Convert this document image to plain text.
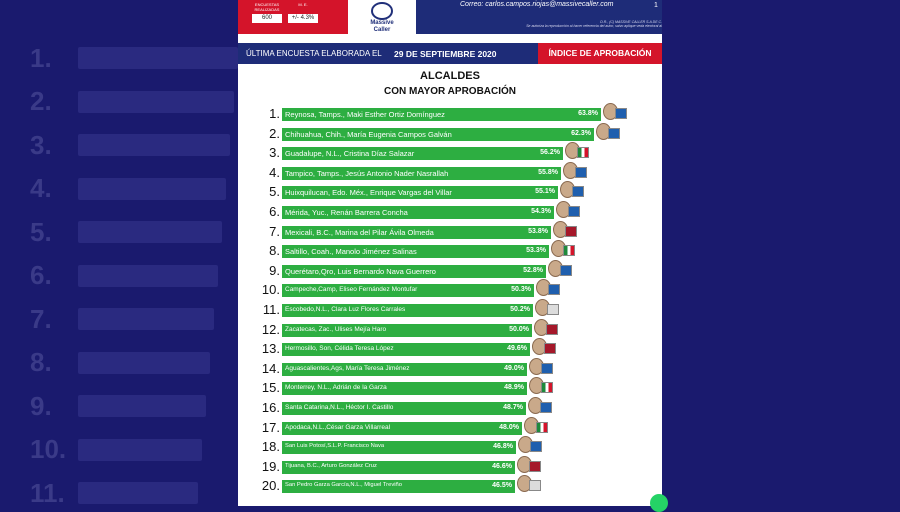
1.
2.
3.
4.
5.
6.
7.
8.
9.
10.
11.
ENCUESTAS REALIZADAS
M. E.
600	+/- 4.3%
Massive Caller
Correo: carlos.campos.riojas@massivecaller.com
D.R., (C) MASSIVE CALLER S.A DE C.
Se autoriza la reproducción al hacer referencia del autor, salvo aplique veda electoral al
1
ÚLTIMA ENCUESTA ELABORADA EL 29 DE SEPTIEMBRE 2020	ÍNDICE DE APROBACIÓN
ALCALDES
CON MAYOR APROBACIÓN
1. Reynosa, Tamps., Maki Esther Ortiz Domínguez	63.8%
2. Chihuahua, Chih., María Eugenia Campos Galván	62.3%
3. Guadalupe, N.L., Cristina Díaz Salazar	56.2%
4. Tampico, Tamps., Jesús Antonio Nader Nasrallah	55.8%
5. Huixquilucan, Edo. Méx., Enrique Vargas del Villar	55.1%
6. Mérida, Yuc., Renán Barrera Concha	54.3%
7. Mexicali, B.C., Marina del Pilar Ávila Olmeda	53.8%
8. Saltillo, Coah., Manolo Jiménez Salinas	53.3%
9. Querétaro,Qro, Luis Bernardo Nava Guerrero	52.8%
10. Campeche,Camp, Eliseo Fernández Montufar	50.3%
11. Escobedo,N.L., Clara Luz Flores Carrales	50.2%
12. Zacatecas, Zac., Ulises Mejía Haro	50.0%
13. Hermosillo, Son, Célida Teresa López	49.6%
14. Aguascalientes,Ags, María Teresa Jiménez	49.0%
15. Monterrey, N.L., Adrián de la Garza	48.9%
16. Santa Catarina,N.L., Héctor I. Castillo	48.7%
17. Apodaca,N.L.,César Garza Villarreal	48.0%
18. San Luis Potosí,S.L.P. Francisco Nava	46.8%
19. Tijuana, B.C., Arturo González Cruz	46.6%
20. San Pedro Garza García,N.L., Miguel Treviño	46.5%
